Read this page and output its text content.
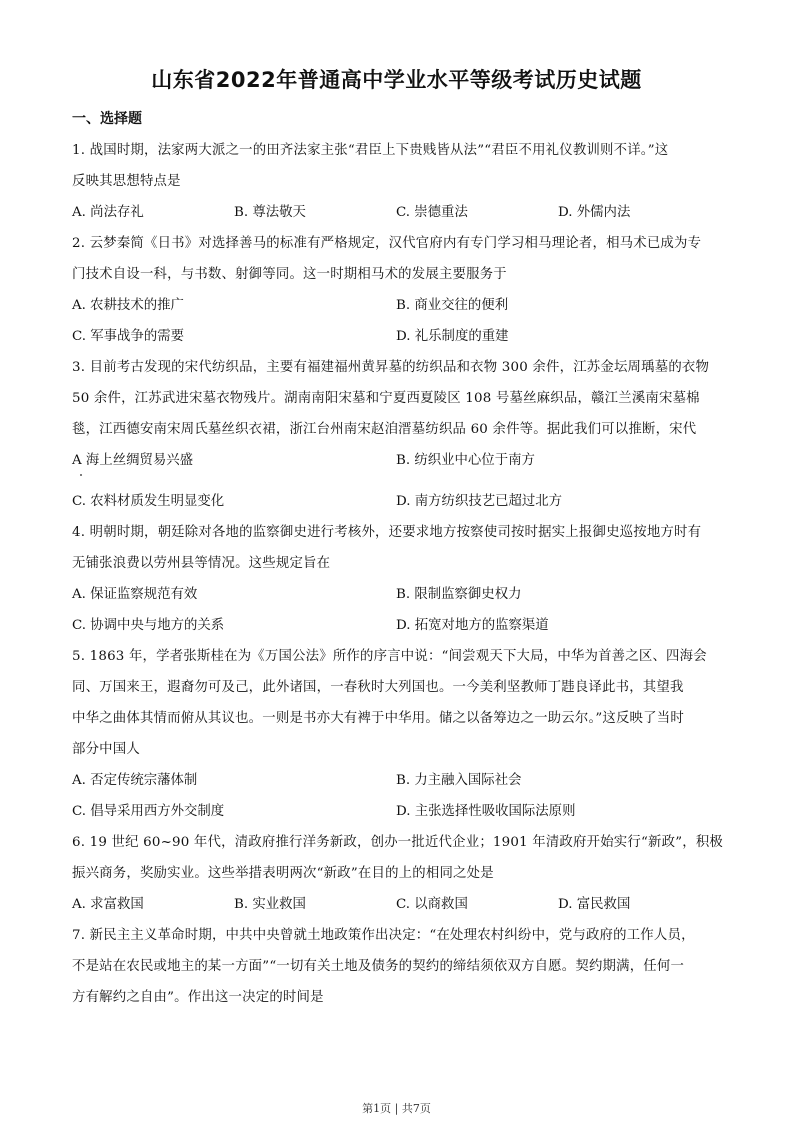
山东省2022年普通高中学业水平等级考试历史试题
一、选择题
1. 战国时期，法家两大派之一的田齐法家主张“君臣上下贵贱皆从法”“君臣不用礼仪教训则不详。”这
反映其思想特点是
A. 尚法存礼	B. 尊法敬天	C. 崇德重法	D. 外儒内法
2. 云梦秦简《日书》对选择善马的标准有严格规定，汉代官府内有专门学习相马理论者，相马术已成为专
门技术自设一科，与书数、射御等同。这一时期相马术的发展主要服务于
A. 农耕技术的推广	B. 商业交往的便利
C. 军事战争的需要	D. 礼乐制度的重建
3. 目前考古发现的宋代纺织品，主要有福建福州黄昇墓的纺织品和衣物 300 余件，江苏金坛周瑀墓的衣物
50 余件，江苏武进宋墓衣物残片。湖南南阳宋墓和宁夏西夏陵区 108 号墓丝麻织品，赣江兰溪南宋墓棉
毯，江西德安南宋周氏墓丝织衣裙，浙江台州南宋赵洎溍墓纺织品 60 余件等。据此我们可以推断，宋代
A 海上丝绸贸易兴盛	B. 纺织业中心位于南方
C. 农料材质发生明显变化	D. 南方纺织技艺已超过北方
4. 明朝时期，朝廷除对各地的监察御史进行考核外，还要求地方按察使司按时据实上报御史巡按地方时有
无铺张浪费以劳州县等情况。这些规定旨在
A. 保证监察规范有效	B. 限制监察御史权力
C. 协调中央与地方的关系	D. 拓宽对地方的监察渠道
5. 1863 年，学者张斯桂在为《万国公法》所作的序言中说：“间尝观天下大局，中华为首善之区、四海会
同、万国来王，遐裔勿可及己，此外诸国，一春秋时大列国也。一今美利坚教师丁韪良译此书，其望我
中华之曲体其情而俯从其议也。一则是书亦大有裨于中华用。储之以备筹边之一助云尔。”这反映了当时
部分中国人
A. 否定传统宗藩体制	B. 力主融入国际社会
C. 倡导采用西方外交制度	D. 主张选择性吸收国际法原则
6. 19 世纪 60~90 年代，清政府推行洋务新政，创办一批近代企业；1901 年清政府开始实行“新政”，积极
振兴商务，奖励实业。这些举措表明两次“新政”在目的上的相同之处是
A. 求富救国	B. 实业救国	C. 以商救国	D. 富民救国
7. 新民主主义革命时期，中共中央曾就土地政策作出决定：“在处理农村纠纷中，党与政府的工作人员，
不是站在农民或地主的某一方面”“一切有关土地及债务的契约的缔结须依双方自愿。契约期满，任何一
方有解约之自由”。作出这一决定的时间是
第1页 | 共7页
